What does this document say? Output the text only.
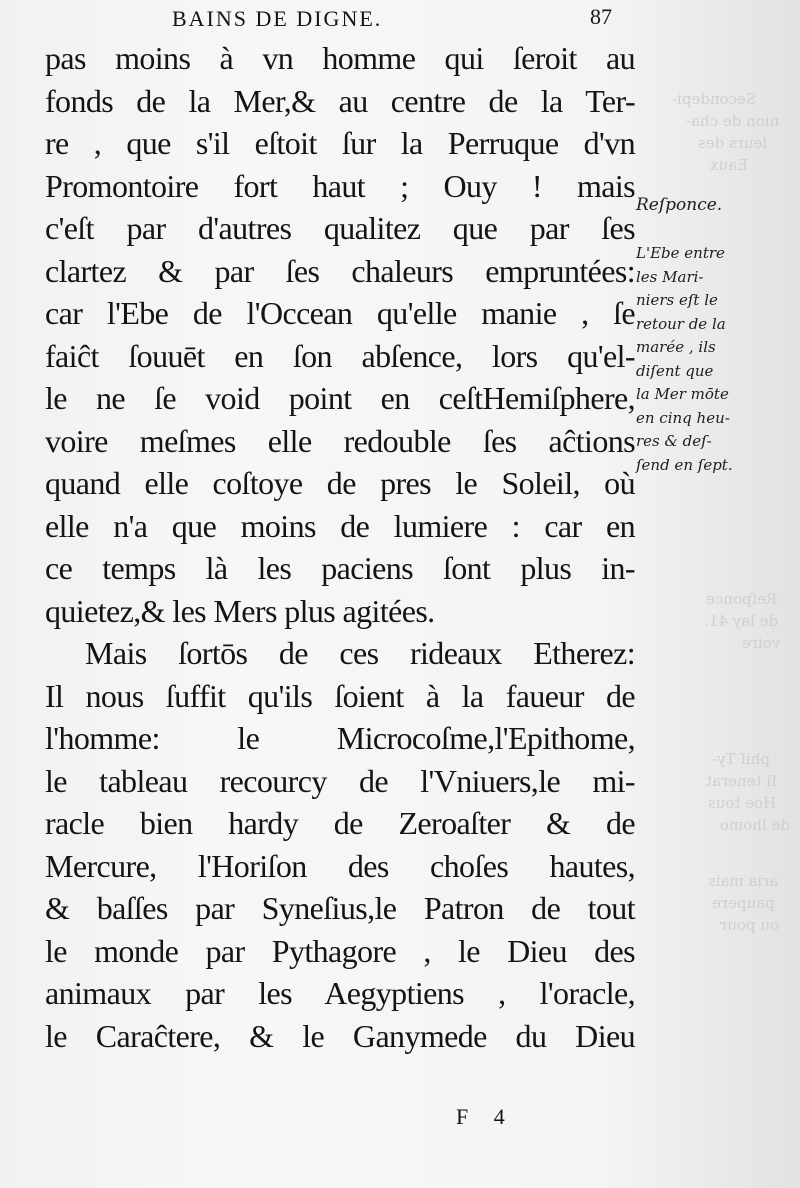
Secondepi-
nion de cha-
leurs des
Eaux
Reſponce
de lay 41.
voire
phiſ Ty-
ſi tenerat
Hoe tous
de lhomo
aria mais
paupere
ou pour
BAINS DE DIGNE.	87
pas moins à vn homme qui ſeroit au
fonds de la Mer,& au centre de la Ter-
re , que s'il eſtoit ſur la Perruque d'vn
Promontoire fort haut ; Ouy ! mais
c'eſt par d'autres qualitez que par ſes
clartez & par ſes chaleurs empruntées:
car l'Ebe de l'Occean qu'elle manie , ſe
faiĉt ſouuēt en ſon abſence, lors qu'el-
le ne ſe void point en ceſtHemiſphere,
voire meſmes elle redouble ſes aĉtions
quand elle coſtoye de pres le Soleil, où
elle n'a que moins de lumiere : car en
ce temps là les paciens ſont plus in-
quietez,& les Mers plus agitées.
Mais ſortōs de ces rideaux Etherez:
Il nous ſuffit qu'ils ſoient à la faueur de
l'homme: le Microcoſme,l'Epithome,
le tableau recourcy de l'Vniuers,le mi-
racle bien hardy de Zeroaſter & de
Mercure, l'Horiſon des choſes hautes,
& baſſes par Syneſius,le Patron de tout
le monde par Pythagore , le Dieu des
animaux par les Aegyptiens , l'oracle,
le Caraĉtere, & le Ganymede du Dieu
Reſponce.
L'Ebe entre
les Mari-
niers eſt le
retour de la
marée , ils
diſent que
la Mer mōte
en cinq heu-
res & deſ-
ſend en ſept.
F 4
